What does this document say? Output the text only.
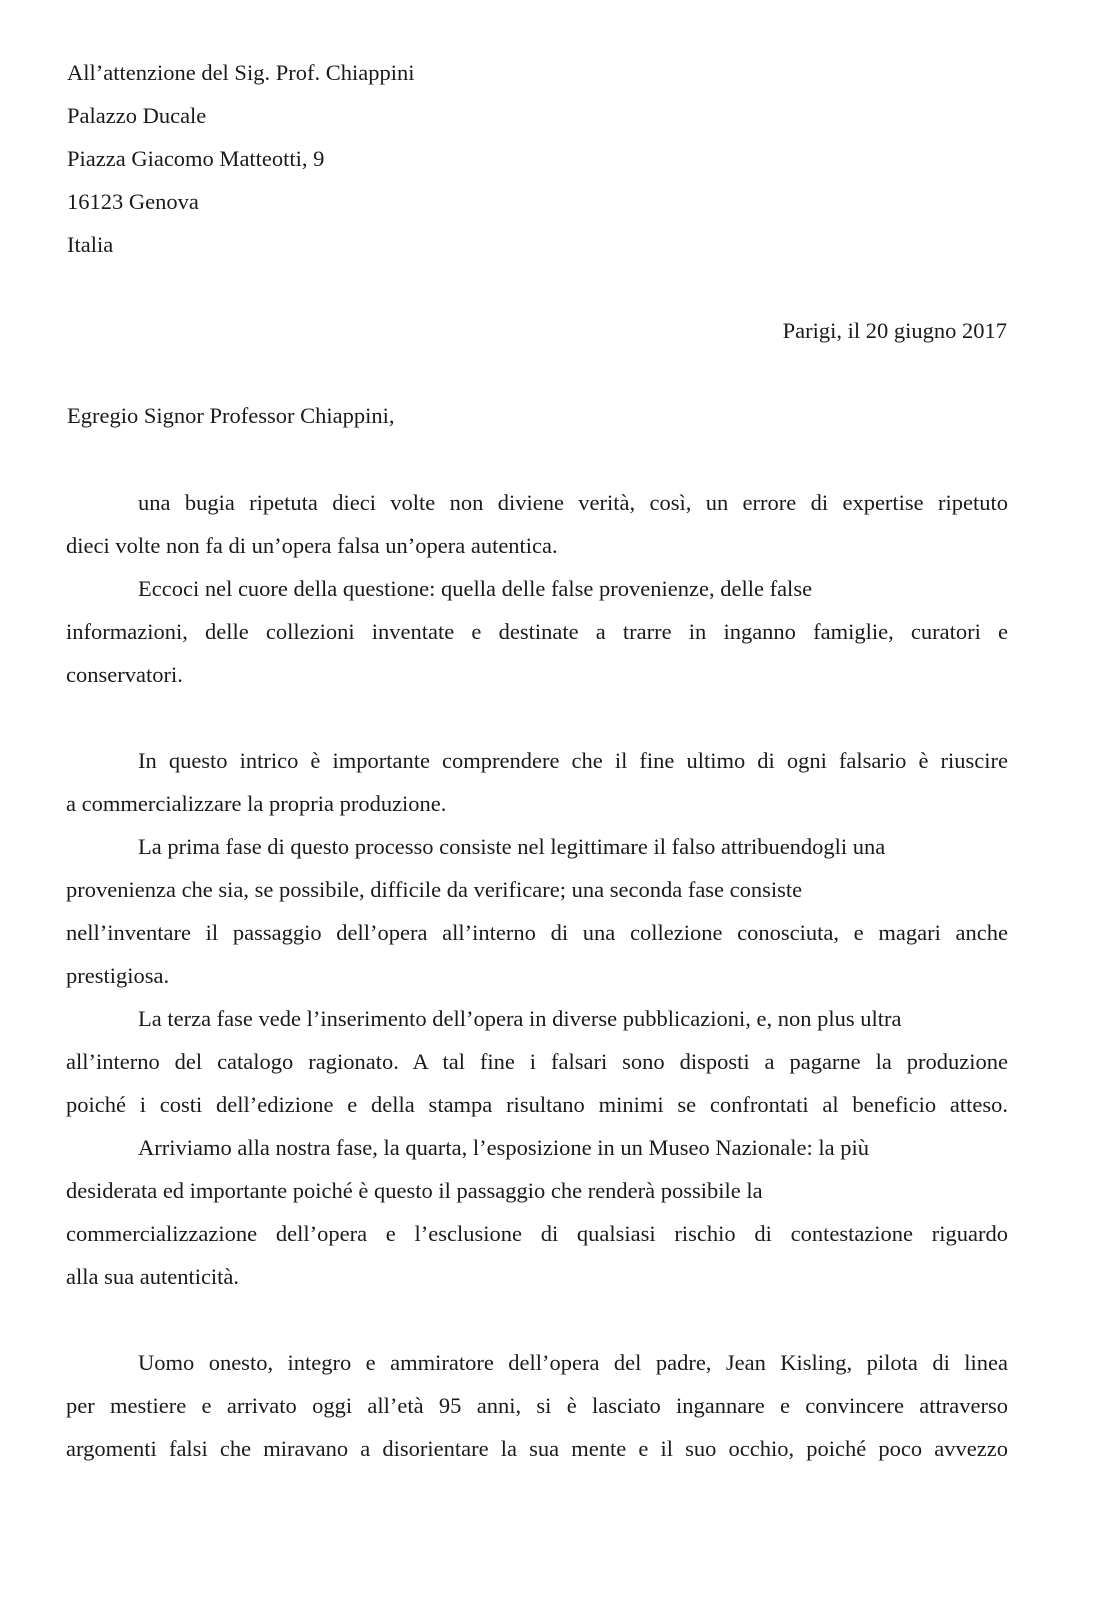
All’attenzione del Sig. Prof. Chiappini
Palazzo Ducale
Piazza Giacomo Matteotti, 9
16123 Genova
Italia
Parigi, il 20 giugno 2017
Egregio Signor Professor Chiappini,
una bugia ripetuta dieci volte non diviene verità, così, un errore di expertise ripetuto
dieci volte non fa di un’opera falsa un’opera autentica.
Eccoci nel cuore della questione: quella delle false provenienze, delle false
informazioni, delle collezioni inventate e destinate a trarre in inganno famiglie, curatori e
conservatori.
In questo intrico è importante comprendere che il fine ultimo di ogni falsario è riuscire
a commercializzare la propria produzione.
La prima fase di questo processo consiste nel legittimare il falso attribuendogli una
provenienza che sia, se possibile, difficile da verificare; una seconda fase consiste
nell’inventare il passaggio dell’opera all’interno di una collezione conosciuta, e magari anche
prestigiosa.
La terza fase vede l’inserimento dell’opera in diverse pubblicazioni, e, non plus ultra
all’interno del catalogo ragionato. A tal fine i falsari sono disposti a pagarne la produzione
poiché i costi dell’edizione e della stampa risultano minimi se confrontati al beneficio atteso.
Arriviamo alla nostra fase, la quarta, l’esposizione in un Museo Nazionale: la più
desiderata ed importante poiché è questo il passaggio che renderà possibile la
commercializzazione dell’opera e l’esclusione di qualsiasi rischio di contestazione riguardo
alla sua autenticità.
Uomo onesto, integro e ammiratore dell’opera del padre, Jean Kisling, pilota di linea
per mestiere e arrivato oggi all’età 95 anni, si è lasciato ingannare e convincere attraverso
argomenti falsi che miravano a disorientare la sua mente e il suo occhio, poiché poco avvezzo
